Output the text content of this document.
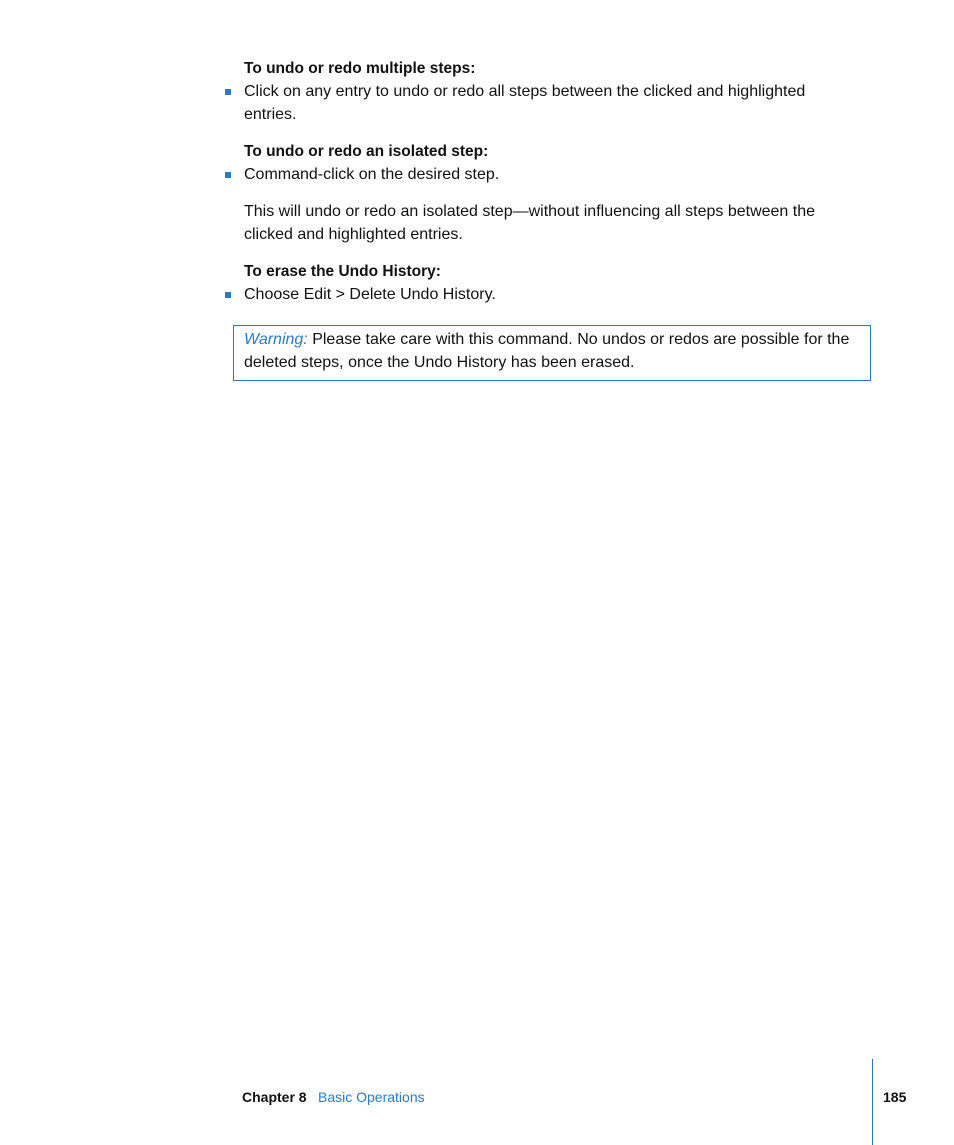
To undo or redo multiple steps:
Click on any entry to undo or redo all steps between the clicked and highlighted
entries.
To undo or redo an isolated step:
Command-click on the desired step.
This will undo or redo an isolated step—without influencing all steps between the
clicked and highlighted entries.
To erase the Undo History:
Choose Edit > Delete Undo History.
Warning: Please take care with this command. No undos or redos are possible for the
deleted steps, once the Undo History has been erased.
Chapter 8 Basic Operations	185
